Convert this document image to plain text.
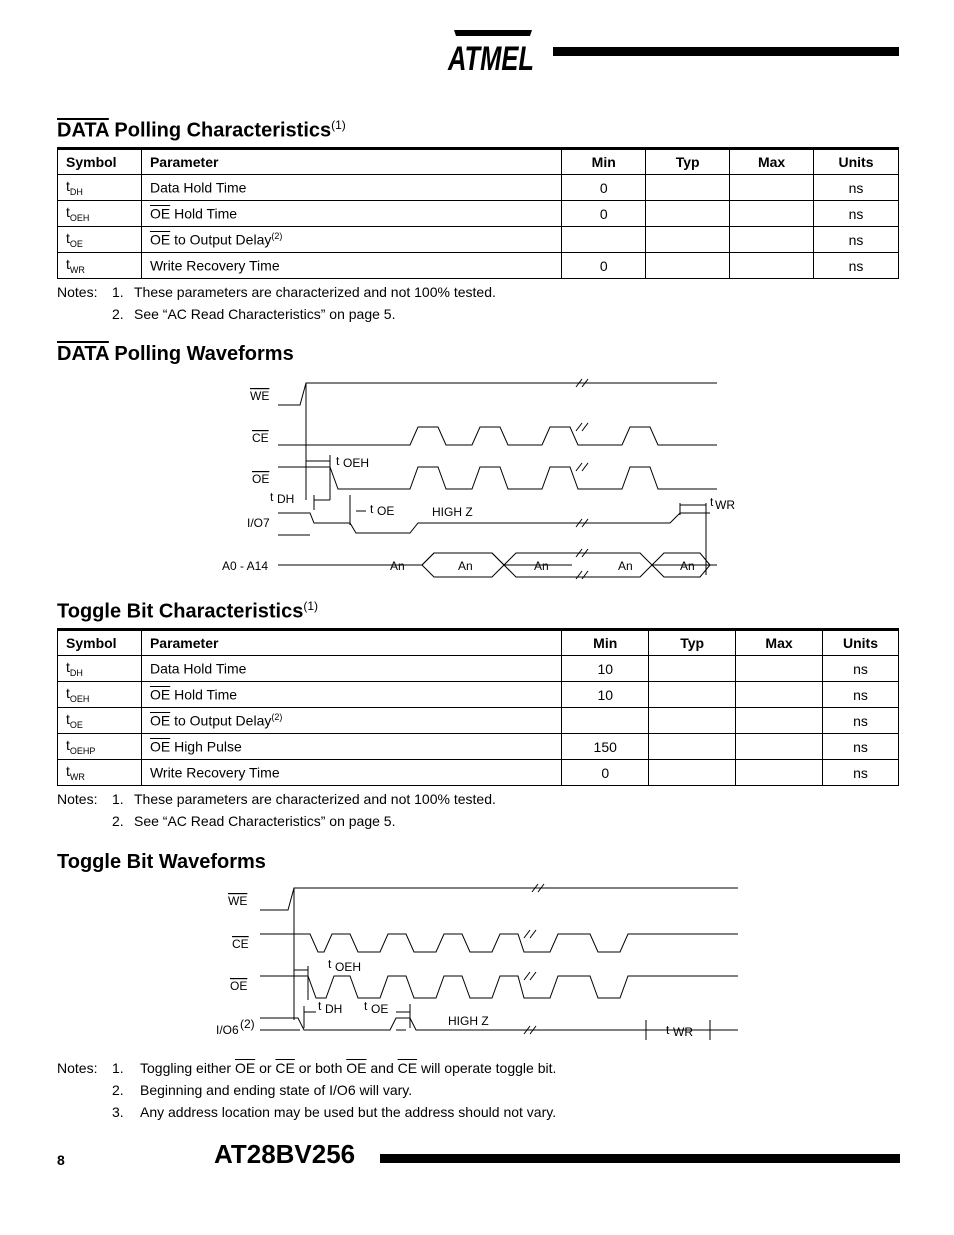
ATMEL
DATA Polling Characteristics$^{(1)}$
Symbol	Parameter	Min	Typ	Max	Units
$t_{DH}$	Data Hold Time	0			ns
$t_{OEH}$	$\overline{OE}$ Hold Time	0			ns
$t_{OE}$	$\overline{OE}$ to Output Delay$^{(2)}$				ns
$t_{WR}$	Write Recovery Time	0			ns
Notes: 1. These parameters are characterized and not 100% tested.
2. See “AC Read Characteristics” on page 5.
DATA Polling Waveforms
WE
CE
OE
I/O7
A0 - A14
t OEH
t DH
t OE
t WR
HIGH Z
An	An	An	An	An
Toggle Bit Characteristics$^{(1)}$
Symbol	Parameter	Min	Typ	Max	Units
$t_{DH}$	Data Hold Time	10			ns
$t_{OEH}$	$\overline{OE}$ Hold Time	10			ns
$t_{OE}$	$\overline{OE}$ to Output Delay$^{(2)}$				ns
$t_{OEHP}$	$\overline{OE}$ High Pulse	150			ns
$t_{WR}$	Write Recovery Time	0			ns
Notes: 1. These parameters are characterized and not 100% tested.
2. See “AC Read Characteristics” on page 5.
Toggle Bit Waveforms
WE
CE
OE
I/O6 (2)
t OEH
t DH t OE
t WR
HIGH Z
Notes: 1. Toggling either $\overline{OE}$ or $\overline{CE}$ or both $\overline{OE}$ and $\overline{CE}$ will operate toggle bit.
2. Beginning and ending state of I/O6 will vary.
3. Any address location may be used but the address should not vary.
8	AT28BV256
